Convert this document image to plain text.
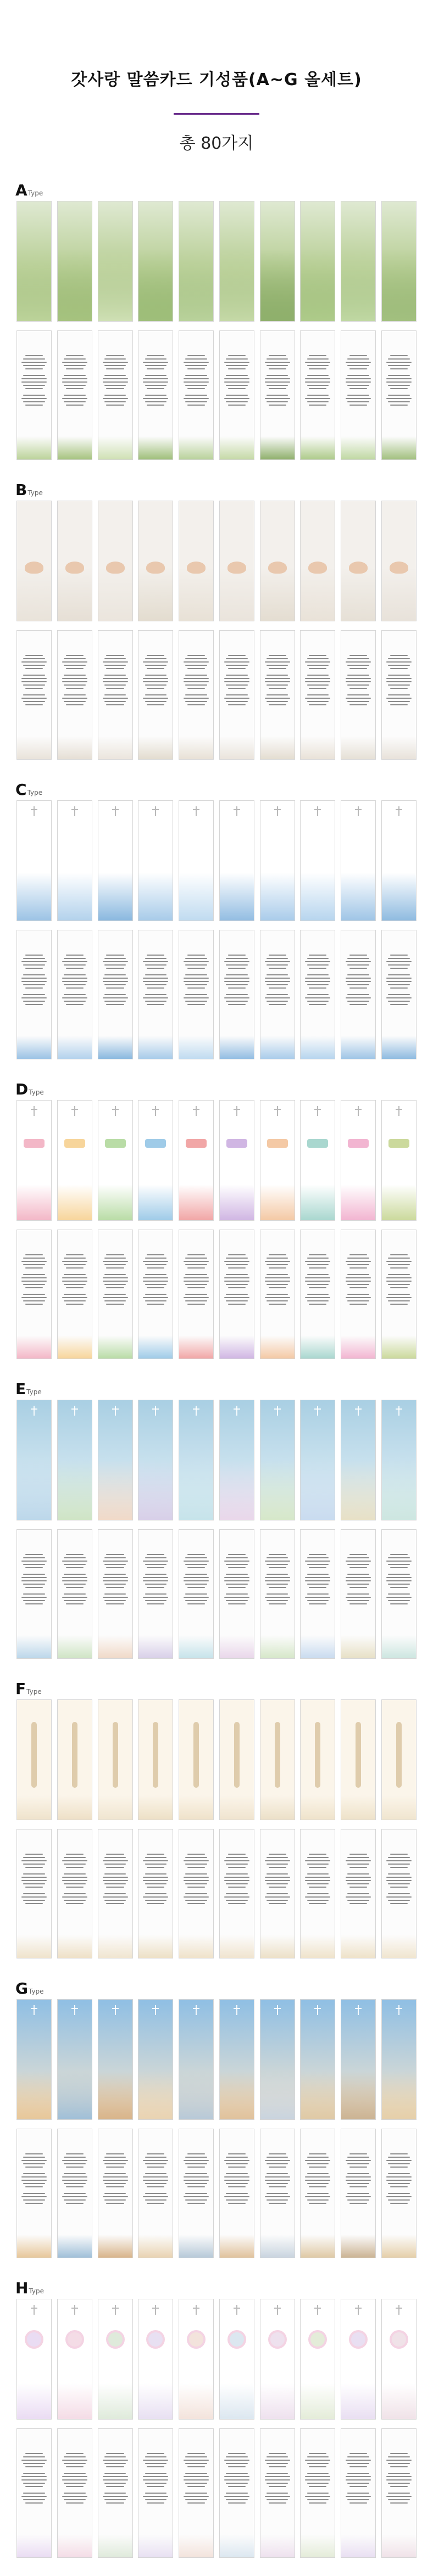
갓사랑 말씀카드 기성품(A~G 올세트)
총 80가지
AType
BType
CType
DType
EType
FType
GType
HType
